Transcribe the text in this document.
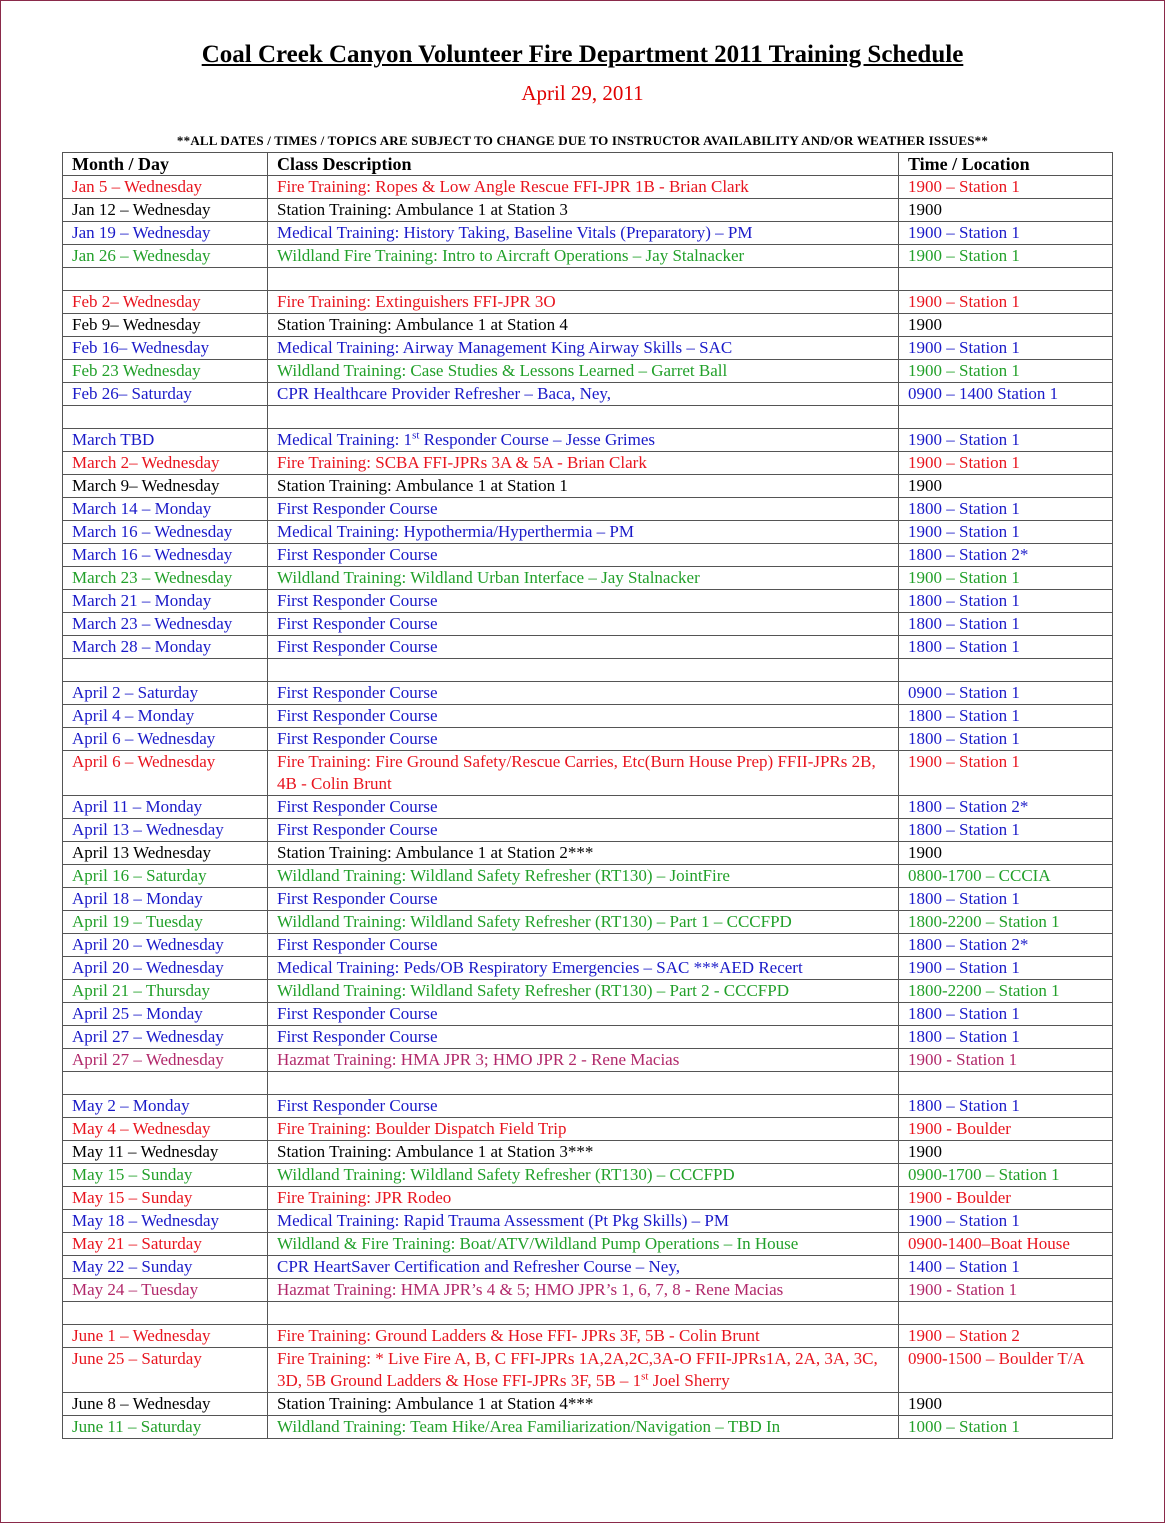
Coal Creek Canyon Volunteer Fire Department 2011 Training Schedule
April 29, 2011
**ALL DATES / TIMES / TOPICS ARE SUBJECT TO CHANGE DUE TO INSTRUCTOR AVAILABILITY AND/OR WEATHER ISSUES**
Month / Day	Class Description	Time / Location
Jan 5 – Wednesday	Fire Training: Ropes & Low Angle Rescue FFI-JPR 1B - Brian Clark	1900 – Station 1
Jan 12 – Wednesday	Station Training: Ambulance 1 at Station 3	1900
Jan 19 – Wednesday	Medical Training: History Taking, Baseline Vitals (Preparatory) – PM	1900 – Station 1
Jan 26 – Wednesday	Wildland Fire Training: Intro to Aircraft Operations – Jay Stalnacker	1900 – Station 1

Feb 2– Wednesday	Fire Training: Extinguishers FFI-JPR 3O	1900 – Station 1
Feb 9– Wednesday	Station Training: Ambulance 1 at Station 4	1900
Feb 16– Wednesday	Medical Training: Airway Management King Airway Skills – SAC	1900 – Station 1
Feb 23 Wednesday	Wildland Training: Case Studies & Lessons Learned – Garret Ball	1900 – Station 1
Feb 26– Saturday	CPR Healthcare Provider Refresher – Baca, Ney,	0900 – 1400 Station 1

March TBD	Medical Training: 1st Responder Course – Jesse Grimes	1900 – Station 1
March 2– Wednesday	Fire Training: SCBA FFI-JPRs 3A & 5A - Brian Clark	1900 – Station 1
March 9– Wednesday	Station Training: Ambulance 1 at Station 1	1900
March 14 – Monday	First Responder Course	1800 – Station 1
March 16 – Wednesday	Medical Training: Hypothermia/Hyperthermia – PM	1900 – Station 1
March 16 – Wednesday	First Responder Course	1800 – Station 2*
March 23 – Wednesday	Wildland Training: Wildland Urban Interface – Jay Stalnacker	1900 – Station 1
March 21 – Monday	First Responder Course	1800 – Station 1
March 23 – Wednesday	First Responder Course	1800 – Station 1
March 28 – Monday	First Responder Course	1800 – Station 1

April 2 – Saturday	First Responder Course	0900 – Station 1
April 4 – Monday	First Responder Course	1800 – Station 1
April 6 – Wednesday	First Responder Course	1800 – Station 1
April 6 – Wednesday	Fire Training: Fire Ground Safety/Rescue Carries, Etc(Burn House Prep) FFII-JPRs 2B, 4B - Colin Brunt	1900 – Station 1
April 11 – Monday	First Responder Course	1800 – Station 2*
April 13 – Wednesday	First Responder Course	1800 – Station 1
April 13 Wednesday	Station Training: Ambulance 1 at Station 2***	1900
April 16 – Saturday	Wildland Training: Wildland Safety Refresher (RT130) – JointFire	0800-1700 – CCCIA
April 18 – Monday	First Responder Course	1800 – Station 1
April 19 – Tuesday	Wildland Training: Wildland Safety Refresher (RT130) – Part 1 – CCCFPD	1800-2200 – Station 1
April 20 – Wednesday	First Responder Course	1800 – Station 2*
April 20 – Wednesday	Medical Training: Peds/OB Respiratory Emergencies – SAC ***AED Recert	1900 – Station 1
April 21 – Thursday	Wildland Training: Wildland Safety Refresher (RT130) – Part 2 - CCCFPD	1800-2200 – Station 1
April 25 – Monday	First Responder Course	1800 – Station 1
April 27 – Wednesday	First Responder Course	1800 – Station 1
April 27 – Wednesday	Hazmat Training: HMA JPR 3; HMO JPR 2 - Rene Macias	1900 - Station 1

May 2 – Monday	First Responder Course	1800 – Station 1
May 4 – Wednesday	Fire Training: Boulder Dispatch Field Trip	1900 - Boulder
May 11 – Wednesday	Station Training: Ambulance 1 at Station 3***	1900
May 15 – Sunday	Wildland Training: Wildland Safety Refresher (RT130) – CCCFPD	0900-1700 – Station 1
May 15 – Sunday	Fire Training: JPR Rodeo	1900 - Boulder
May 18 – Wednesday	Medical Training: Rapid Trauma Assessment (Pt Pkg Skills) – PM	1900 – Station 1
May 21 – Saturday	Wildland & Fire Training: Boat/ATV/Wildland Pump Operations – In House	0900-1400–Boat House
May 22 – Sunday	CPR HeartSaver Certification and Refresher Course – Ney,	1400 – Station 1
May 24 – Tuesday	Hazmat Training: HMA JPR’s 4 & 5; HMO JPR’s 1, 6, 7, 8 - Rene Macias	1900 - Station 1

June 1 – Wednesday	Fire Training: Ground Ladders & Hose FFI- JPRs 3F, 5B - Colin Brunt	1900 – Station 2
June 25 – Saturday	Fire Training: * Live Fire A, B, C FFI-JPRs 1A,2A,2C,3A-O FFII-JPRs1A, 2A, 3A, 3C, 3D, 5B Ground Ladders & Hose FFI-JPRs 3F, 5B – 1st Joel Sherry	0900-1500 – Boulder T/A
June 8 – Wednesday	Station Training: Ambulance 1 at Station 4***	1900
June 11 – Saturday	Wildland Training: Team Hike/Area Familiarization/Navigation – TBD In	1000 – Station 1
